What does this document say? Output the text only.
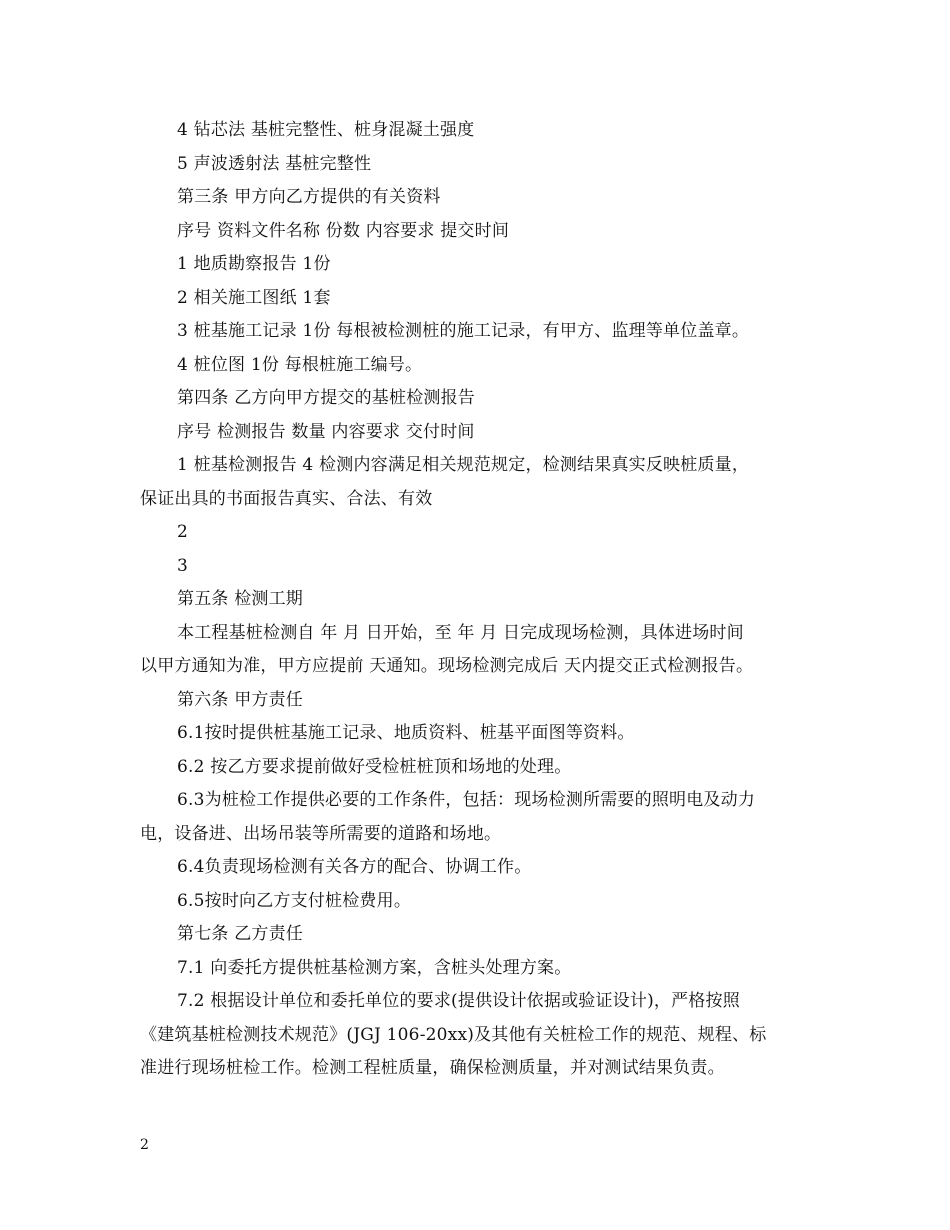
4 钻芯法 基桩完整性、桩身混凝土强度
5 声波透射法 基桩完整性
第三条 甲方向乙方提供的有关资料
序号 资料文件名称 份数 内容要求 提交时间
1 地质勘察报告 1份
2 相关施工图纸 1套
3 桩基施工记录 1份 每根被检测桩的施工记录，有甲方、监理等单位盖章。
4 桩位图 1份 每根桩施工编号。
第四条 乙方向甲方提交的基桩检测报告
序号 检测报告 数量 内容要求 交付时间
1 桩基检测报告 4 检测内容满足相关规范规定，检测结果真实反映桩质量，
保证出具的书面报告真实、合法、有效
2
3
第五条 检测工期
本工程基桩检测自 年 月 日开始，至 年 月 日完成现场检测，具体进场时间
以甲方通知为准，甲方应提前 天通知。现场检测完成后 天内提交正式检测报告。
第六条 甲方责任
6.1按时提供桩基施工记录、地质资料、桩基平面图等资料。
6.2 按乙方要求提前做好受检桩桩顶和场地的处理。
6.3为桩检工作提供必要的工作条件，包括：现场检测所需要的照明电及动力
电，设备进、出场吊装等所需要的道路和场地。
6.4负责现场检测有关各方的配合、协调工作。
6.5按时向乙方支付桩检费用。
第七条 乙方责任
7.1 向委托方提供桩基检测方案，含桩头处理方案。
7.2 根据设计单位和委托单位的要求(提供设计依据或验证设计)，严格按照
《建筑基桩检测技术规范》(JGJ 106-20xx)及其他有关桩检工作的规范、规程、标
准进行现场桩检工作。检测工程桩质量，确保检测质量，并对测试结果负责。
2
